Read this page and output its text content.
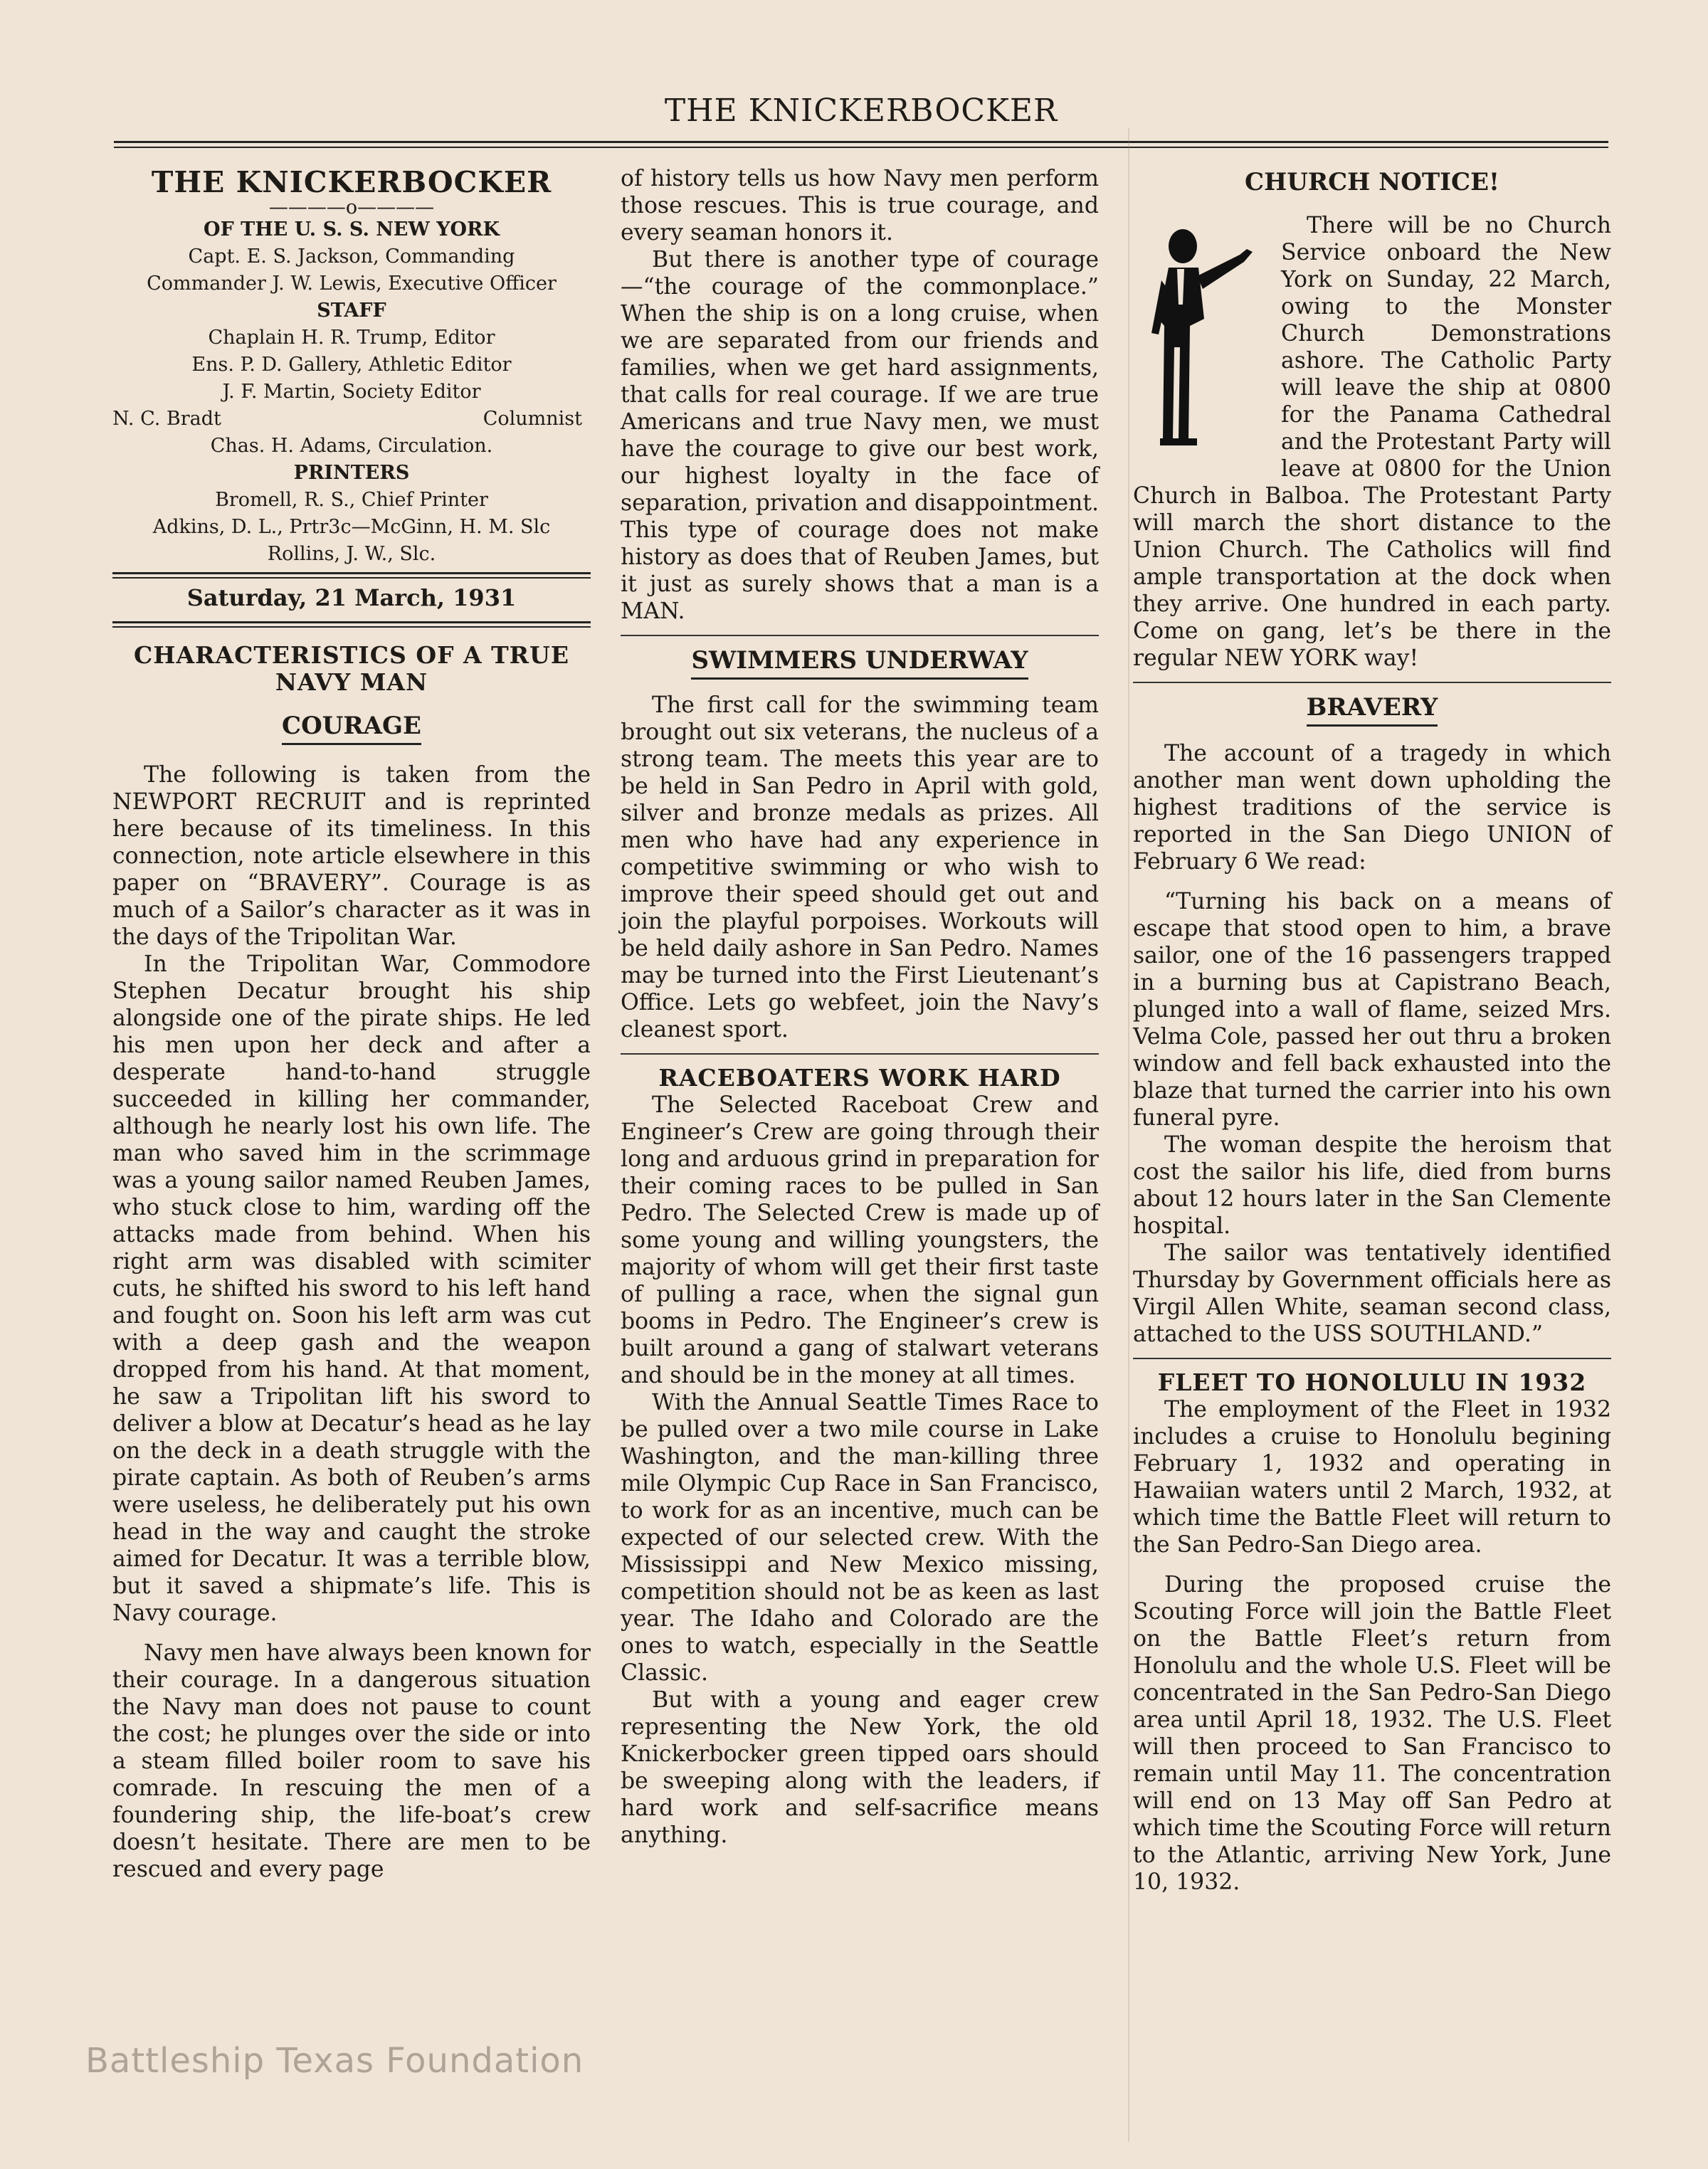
THE KNICKERBOCKER
THE KNICKERBOCKER
————o————
OF THE U. S. S. NEW YORK
Capt. E. S. Jackson, Commanding
Commander J. W. Lewis, Executive Officer
STAFF
Chaplain H. R. Trump, Editor
Ens. P. D. Gallery, Athletic Editor
J. F. Martin, Society Editor
N. C. Bradt	Columnist
Chas. H. Adams, Circulation.
PRINTERS
Bromell, R. S., Chief Printer
Adkins, D. L., Prtr3c—McGinn, H. M. Slc
Rollins, J. W., Slc.
Saturday, 21 March, 1931
CHARACTERISTICS OF A TRUE NAVY MAN
COURAGE

The following is taken from the NEWPORT RECRUIT and is reprinted here because of its timeliness. In this connection, note article elsewhere in this paper on “BRAVERY”. Courage is as much of a Sailor’s character as it was in the days of the Tripolitan War.

In the Tripolitan War, Commodore Stephen Decatur brought his ship alongside one of the pirate ships. He led his men upon her deck and after a desperate hand-to-hand struggle succeeded in killing her commander, although he nearly lost his own life. The man who saved him in the scrimmage was a young sailor named Reuben James, who stuck close to him, warding off the attacks made from behind. When his right arm was disabled with scimiter cuts, he shifted his sword to his left hand and fought on. Soon his left arm was cut with a deep gash and the weapon dropped from his hand. At that moment, he saw a Tripolitan lift his sword to deliver a blow at Decatur’s head as he lay on the deck in a death struggle with the pirate captain. As both of Reuben’s arms were useless, he deliberately put his own head in the way and caught the stroke aimed for Decatur. It was a terrible blow, but it saved a shipmate’s life. This is Navy courage.

Navy men have always been known for their courage. In a dangerous situation the Navy man does not pause to count the cost; he plunges over the side or into a steam filled boiler room to save his comrade. In rescuing the men of a foundering ship, the life-boat’s crew doesn’t hesitate. There are men to be rescued and every page

of history tells us how Navy men perform those rescues. This is true courage, and every seaman honors it.

But there is another type of courage—“the courage of the commonplace.” When the ship is on a long cruise, when we are separated from our friends and families, when we get hard assignments, that calls for real courage. If we are true Americans and true Navy men, we must have the courage to give our best work, our highest loyalty in the face of separation, privation and disappointment. This type of courage does not make history as does that of Reuben James, but it just as surely shows that a man is a MAN.

SWIMMERS UNDERWAY

The first call for the swimming team brought out six veterans, the nucleus of a strong team. The meets this year are to be held in San Pedro in April with gold, silver and bronze medals as prizes. All men who have had any experience in competitive swimming or who wish to improve their speed should get out and join the playful porpoises. Workouts will be held daily ashore in San Pedro. Names may be turned into the First Lieutenant’s Office. Lets go webfeet, join the Navy’s cleanest sport.

RACEBOATERS WORK HARD

The Selected Raceboat Crew and Engineer’s Crew are going through their long and arduous grind in preparation for their coming races to be pulled in San Pedro. The Selected Crew is made up of some young and willing youngsters, the majority of whom will get their first taste of pulling a race, when the signal gun booms in Pedro. The Engineer’s crew is built around a gang of stalwart veterans and should be in the money at all times.

With the Annual Seattle Times Race to be pulled over a two mile course in Lake Washington, and the man-killing three mile Olympic Cup Race in San Francisco, to work for as an incentive, much can be expected of our selected crew. With the Mississippi and New Mexico missing, competition should not be as keen as last year. The Idaho and Colorado are the ones to watch, especially in the Seattle Classic.

But with a young and eager crew representing the New York, the old Knickerbocker green tipped oars should be sweeping along with the leaders, if hard work and self-sacrifice means anything.

CHURCH NOTICE!

There will be no Church Service onboard the New York on Sunday, 22 March, owing to the Monster Church Demonstrations ashore. The Catholic Party will leave the ship at 0800 for the Panama Cathedral and the Protestant Party will leave at 0800 for the Union Church in Balboa. The Protestant Party will march the short distance to the Union Church. The Catholics will find ample transportation at the dock when they arrive. One hundred in each party. Come on gang, let’s be there in the regular NEW YORK way!

BRAVERY

The account of a tragedy in which another man went down upholding the highest traditions of the service is reported in the San Diego UNION of February 6 We read:

“Turning his back on a means of escape that stood open to him, a brave sailor, one of the 16 passengers trapped in a burning bus at Capistrano Beach, plunged into a wall of flame, seized Mrs. Velma Cole, passed her out thru a broken window and fell back exhausted into the blaze that turned the carrier into his own funeral pyre.

The woman despite the heroism that cost the sailor his life, died from burns about 12 hours later in the San Clemente hospital.

The sailor was tentatively identified Thursday by Government officials here as Virgil Allen White, seaman second class, attached to the USS SOUTHLAND.”

FLEET TO HONOLULU IN 1932

The employment of the Fleet in 1932 includes a cruise to Honolulu begining February 1, 1932 and operating in Hawaiian waters until 2 March, 1932, at which time the Battle Fleet will return to the San Pedro-San Diego area.

During the proposed cruise the Scouting Force will join the Battle Fleet on the Battle Fleet’s return from Honolulu and the whole U.S. Fleet will be concentrated in the San Pedro-San Diego area until April 18, 1932. The U.S. Fleet will then proceed to San Francisco to remain until May 11. The concentration will end on 13 May off San Pedro at which time the Scouting Force will return to the Atlantic, arriving New York, June 10, 1932.

Battleship Texas Foundation
